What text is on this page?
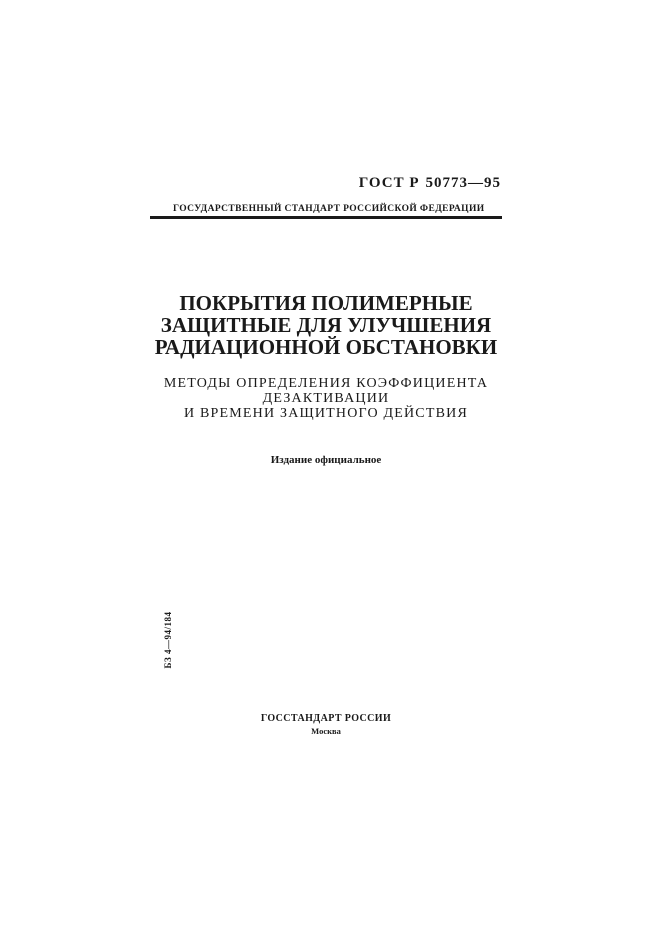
ГОСТ Р 50773—95
ГОСУДАРСТВЕННЫЙ СТАНДАРТ РОССИЙСКОЙ ФЕДЕРАЦИИ
ПОКРЫТИЯ ПОЛИМЕРНЫЕ
ЗАЩИТНЫЕ ДЛЯ УЛУЧШЕНИЯ
РАДИАЦИОННОЙ ОБСТАНОВКИ
МЕТОДЫ ОПРЕДЕЛЕНИЯ КОЭФФИЦИЕНТА
ДЕЗАКТИВАЦИИ
И ВРЕМЕНИ ЗАЩИТНОГО ДЕЙСТВИЯ
Издание официальное
БЗ 4—94/184
ГОССТАНДАРТ РОССИИ
Москва
